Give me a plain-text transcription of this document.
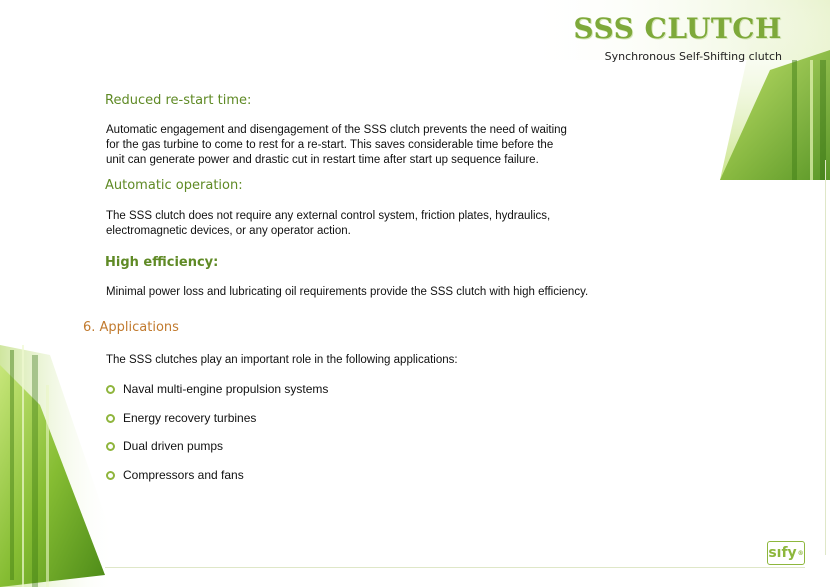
SSS CLUTCH
Synchronous Self-Shifting clutch
Reduced re-start time:
Automatic engagement and disengagement of the SSS clutch prevents the need of waiting
for the gas turbine to come to rest for a re-start. This saves considerable time before the
unit can generate power and drastic cut in restart time after start up sequence failure.
Automatic operation:
The SSS clutch does not require any external control system, friction plates, hydraulics,
electromagnetic devices, or any operator action.
High efficiency:
Minimal power loss and lubricating oil requirements provide the SSS clutch with high efficiency.
6. Applications
The SSS clutches play an important role in the following applications:
Naval multi-engine propulsion systems
Energy recovery turbines
Dual driven pumps
Compressors and fans
sıfy ®
